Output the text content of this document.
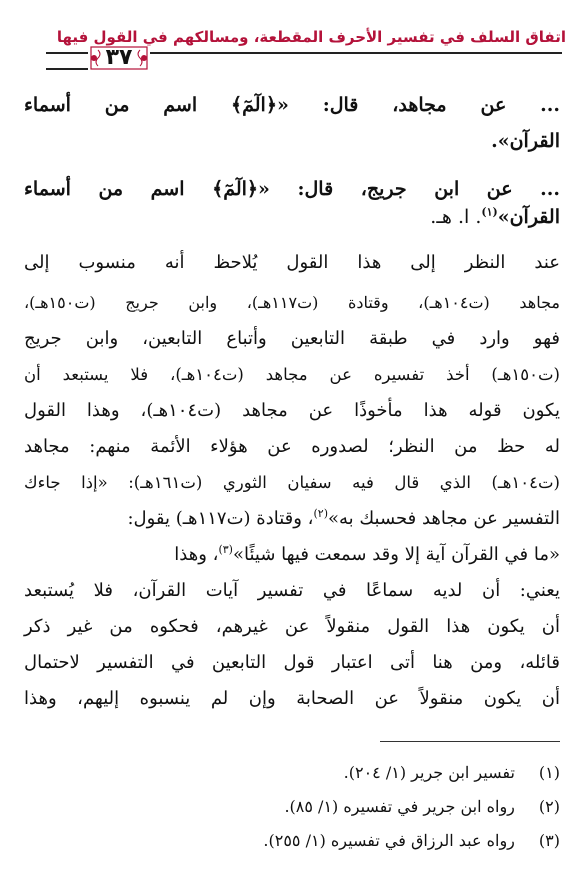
اتفاق السلف في تفسير الأحرف المقطعة، ومسالكهم في القول فيها
٣٧
... عن مجاهد، قال: «﴿الٓمٓ﴾ اسم من أسماء
القرآن».
... عن ابن جريج، قال: «﴿الٓمٓ﴾ اسم من أسماء
القرآن»$^{(١)}$. ا. هـ.
عند النظر إلى هذا القول يُلاحظ أنه منسوب إلى
مجاهد (ت١٠٤هـ)، وقتادة (ت١١٧هـ)، وابن جريج (ت١٥٠هـ)،
فهو وارد في طبقة التابعين وأتباع التابعين، وابن جريج
(ت١٥٠هـ) أخذ تفسيره عن مجاهد (ت١٠٤هـ)، فلا يستبعد أن
يكون قوله هذا مأخوذًا عن مجاهد (ت١٠٤هـ)، وهذا القول
له حظ من النظر؛ لصدوره عن هؤلاء الأئمة منهم: مجاهد
(ت١٠٤هـ) الذي قال فيه سفيان الثوري (ت١٦١هـ): «إذا جاءك
التفسير عن مجاهد فحسبك به»$^{(٢)}$، وقتادة (ت١١٧هـ) يقول:
«ما في القرآن آية إلا وقد سمعت فيها شيئًا»$^{(٣)}$، وهذا
يعني: أن لديه سماعًا في تفسير آيات القرآن، فلا يُستبعد
أن يكون هذا القول منقولاً عن غيرهم، فحكوه من غير ذكر
قائله، ومن هنا أتى اعتبار قول التابعين في التفسير لاحتمال
أن يكون منقولاً عن الصحابة وإن لم ينسبوه إليهم، وهذا
(١) تفسير ابن جرير (١/ ٢٠٤).
(٢) رواه ابن جرير في تفسيره (١/ ٨٥).
(٣) رواه عبد الرزاق في تفسيره (١/ ٢٥٥).
